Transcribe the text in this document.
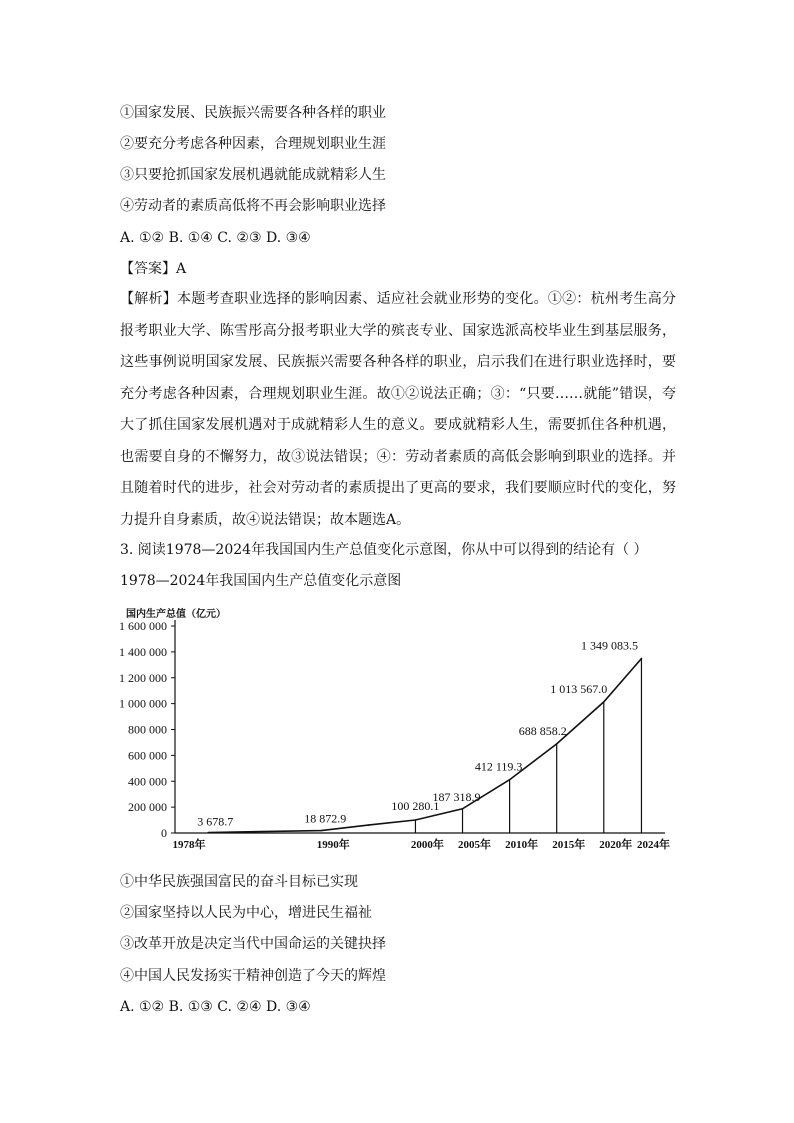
①国家发展、民族振兴需要各种各样的职业
②要充分考虑各种因素，合理规划职业生涯
③只要抢抓国家发展机遇就能成就精彩人生
④劳动者的素质高低将不再会影响职业选择
A. ①② B. ①④ C. ②③ D. ③④
【答案】A
【解析】本题考查职业选择的影响因素、适应社会就业形势的变化。①②：杭州考生高分报考职业大学、陈雪彤高分报考职业大学的殡丧专业、国家选派高校毕业生到基层服务，这些事例说明国家发展、民族振兴需要各种各样的职业，启示我们在进行职业选择时，要充分考虑各种因素，合理规划职业生涯。故①②说法正确；③：“只要……就能”错误，夸大了抓住国家发展机遇对于成就精彩人生的意义。要成就精彩人生，需要抓住各种机遇，也需要自身的不懈努力，故③说法错误；④：劳动者素质的高低会影响到职业的选择。并且随着时代的进步，社会对劳动者的素质提出了更高的要求，我们要顺应时代的变化，努力提升自身素质，故④说法错误；故本题选A。
3. 阅读1978—2024年我国国内生产总值变化示意图，你从中可以得到的结论有（ ）
1978—2024年我国国内生产总值变化示意图
国内生产总值（亿元）
0
200 000
400 000
600 000
800 000
1 000 000
1 200 000
1 400 000
1 600 000
3 678.7	18 872.9
100 280.1
187 318.9
412 119.3
688 858.2
1 013 567.0
1 349 083.5
1978年	1990年	2000年 2005年 2010年 2015年 2020年 2024年
①中华民族强国富民的奋斗目标已实现
②国家坚持以人民为中心，增进民生福祉
③改革开放是决定当代中国命运的关键抉择
④中国人民发扬实干精神创造了今天的辉煌
A. ①② B. ①③ C. ②④ D. ③④
